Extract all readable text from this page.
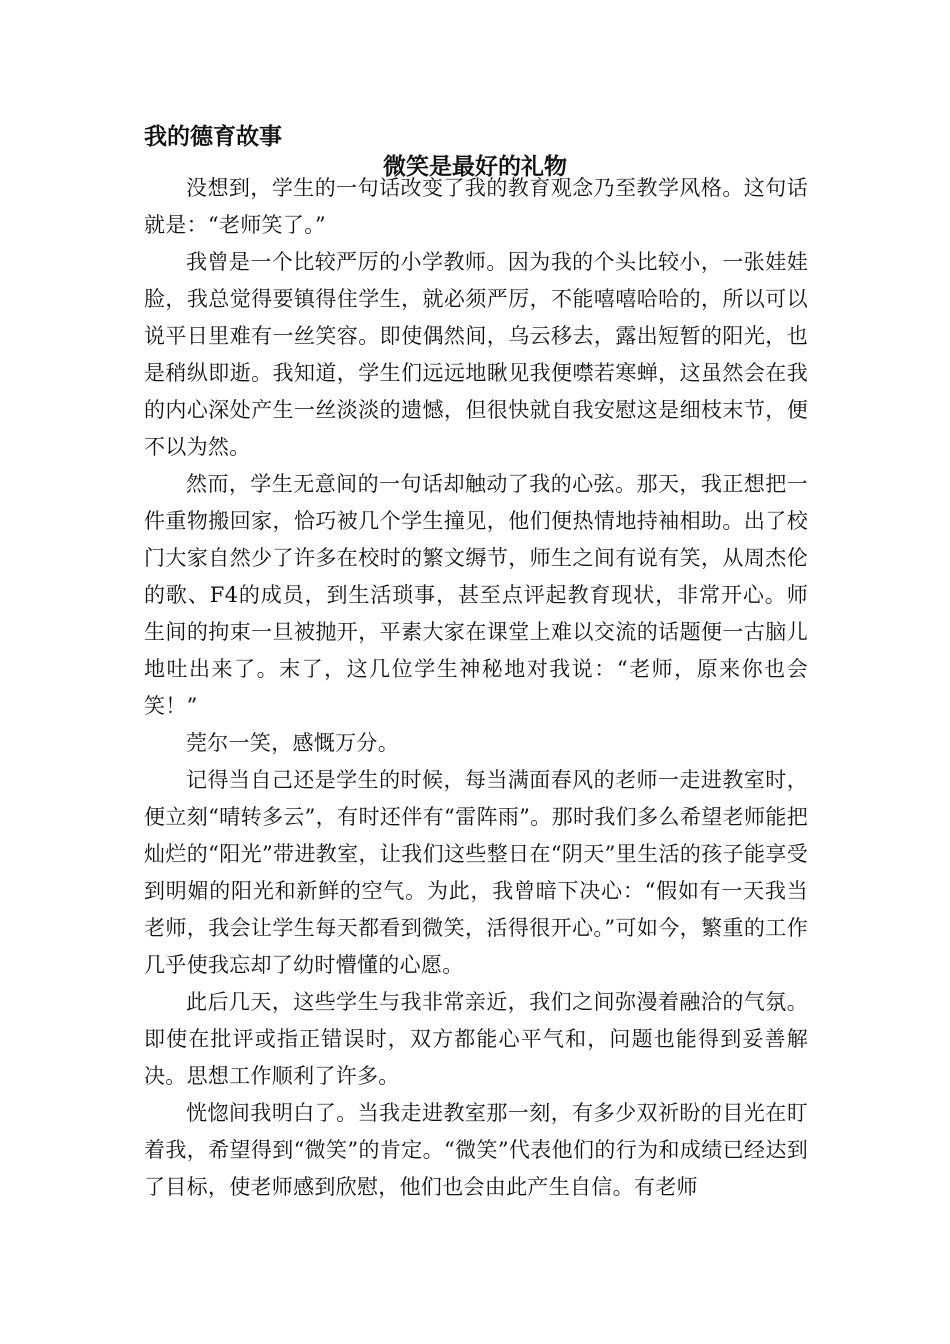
我的德育故事
微笑是最好的礼物

没想到，学生的一句话改变了我的教育观念乃至教学风格。这句话就是：“老师笑了。”

我曾是一个比较严厉的小学教师。因为我的个头比较小，一张娃娃脸，我总觉得要镇得住学生，就必须严厉，不能嘻嘻哈哈的，所以可以说平日里难有一丝笑容。即使偶然间，乌云移去，露出短暂的阳光，也是稍纵即逝。我知道，学生们远远地瞅见我便噤若寒蝉，这虽然会在我的内心深处产生一丝淡淡的遗憾，但很快就自我安慰这是细枝末节，便不以为然。

然而，学生无意间的一句话却触动了我的心弦。那天，我正想把一件重物搬回家，恰巧被几个学生撞见，他们便热情地持袖相助。出了校门大家自然少了许多在校时的繁文缛节，师生之间有说有笑，从周杰伦的歌、F4的成员，到生活琐事，甚至点评起教育现状，非常开心。师生间的拘束一旦被抛开，平素大家在课堂上难以交流的话题便一古脑儿地吐出来了。末了，这几位学生神秘地对我说：“老师，原来你也会笑！”

莞尔一笑，感慨万分。

记得当自己还是学生的时候，每当满面春风的老师一走进教室时，便立刻“晴转多云”，有时还伴有“雷阵雨”。那时我们多么希望老师能把灿烂的“阳光”带进教室，让我们这些整日在“阴天”里生活的孩子能享受到明媚的阳光和新鲜的空气。为此，我曾暗下决心：“假如有一天我当老师，我会让学生每天都看到微笑，活得很开心。”可如今，繁重的工作几乎使我忘却了幼时懵懂的心愿。

此后几天，这些学生与我非常亲近，我们之间弥漫着融洽的气氛。即使在批评或指正错误时，双方都能心平气和，问题也能得到妥善解决。思想工作顺利了许多。

恍惚间我明白了。当我走进教室那一刻，有多少双祈盼的目光在盯着我，希望得到“微笑”的肯定。“微笑”代表他们的行为和成绩已经达到了目标，使老师感到欣慰，他们也会由此产生自信。有老师
